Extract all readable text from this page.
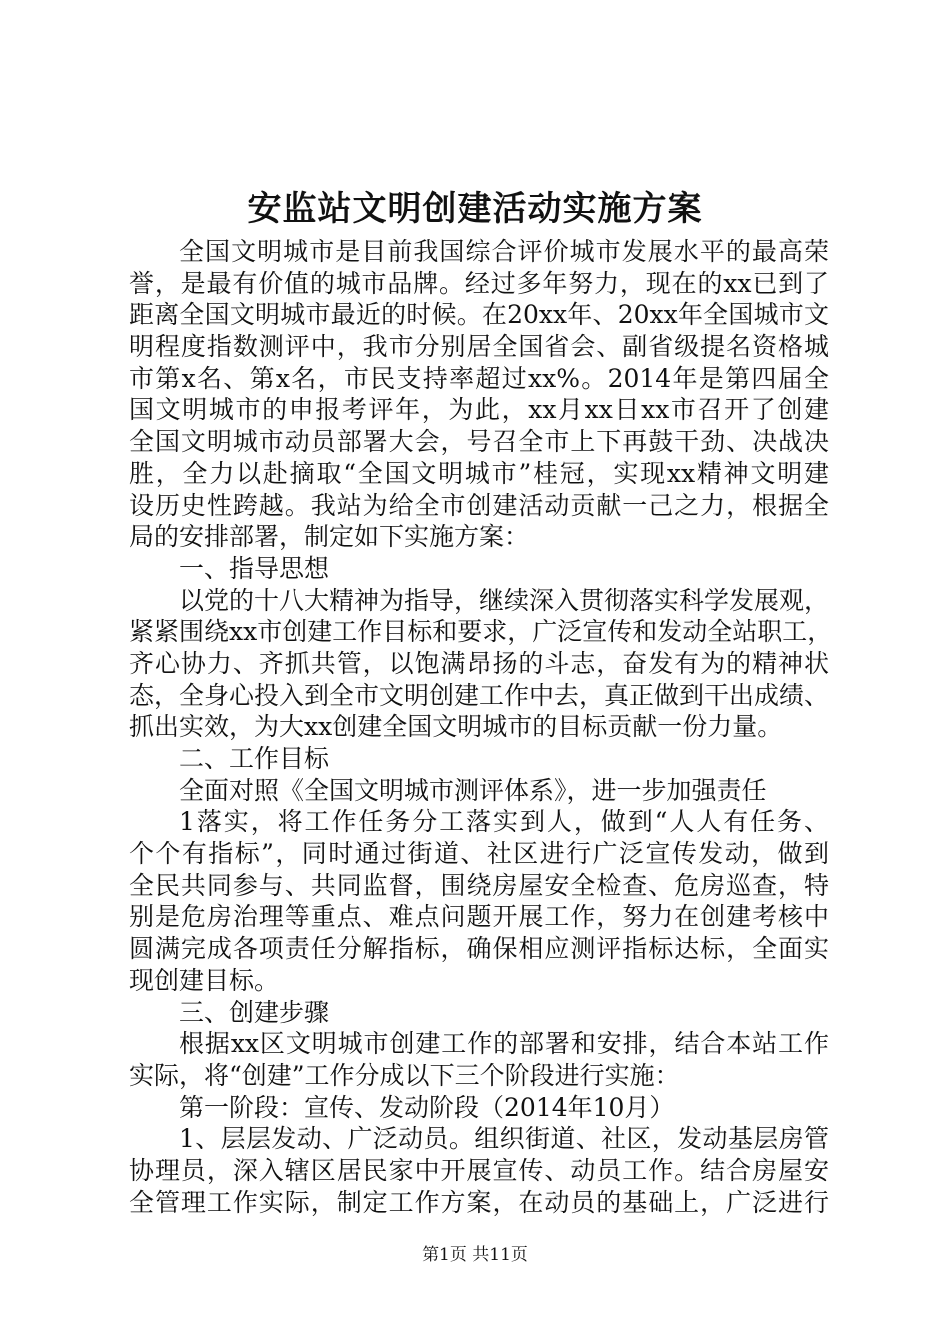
安监站文明创建活动实施方案
全国文明城市是目前我国综合评价城市发展水平的最高荣
誉，是最有价值的城市品牌。经过多年努力，现在的xx已到了
距离全国文明城市最近的时候。在20xx年、20xx年全国城市文
明程度指数测评中，我市分别居全国省会、副省级提名资格城
市第x名、第x名，市民支持率超过xx%。2014年是第四届全
国文明城市的申报考评年，为此，xx月xx日xx市召开了创建
全国文明城市动员部署大会，号召全市上下再鼓干劲、决战决
胜，全力以赴摘取“全国文明城市”桂冠，实现xx精神文明建
设历史性跨越。我站为给全市创建活动贡献一己之力，根据全
局的安排部署，制定如下实施方案：
一、指导思想
以党的十八大精神为指导，继续深入贯彻落实科学发展观，
紧紧围绕xx市创建工作目标和要求，广泛宣传和发动全站职工，
齐心协力、齐抓共管，以饱满昂扬的斗志，奋发有为的精神状
态，全身心投入到全市文明创建工作中去，真正做到干出成绩、
抓出实效，为大xx创建全国文明城市的目标贡献一份力量。
二、工作目标
全面对照《全国文明城市测评体系》，进一步加强责任
1落实，将工作任务分工落实到人，做到“人人有任务、
个个有指标”，同时通过街道、社区进行广泛宣传发动，做到
全民共同参与、共同监督，围绕房屋安全检查、危房巡查，特
别是危房治理等重点、难点问题开展工作，努力在创建考核中
圆满完成各项责任分解指标，确保相应测评指标达标，全面实
现创建目标。
三、创建步骤
根据xx区文明城市创建工作的部署和安排，结合本站工作
实际，将“创建”工作分成以下三个阶段进行实施：
第一阶段：宣传、发动阶段（2014年10月）
1、层层发动、广泛动员。组织街道、社区，发动基层房管
协理员，深入辖区居民家中开展宣传、动员工作。结合房屋安
全管理工作实际，制定工作方案，在动员的基础上，广泛进行
第1页 共11页
